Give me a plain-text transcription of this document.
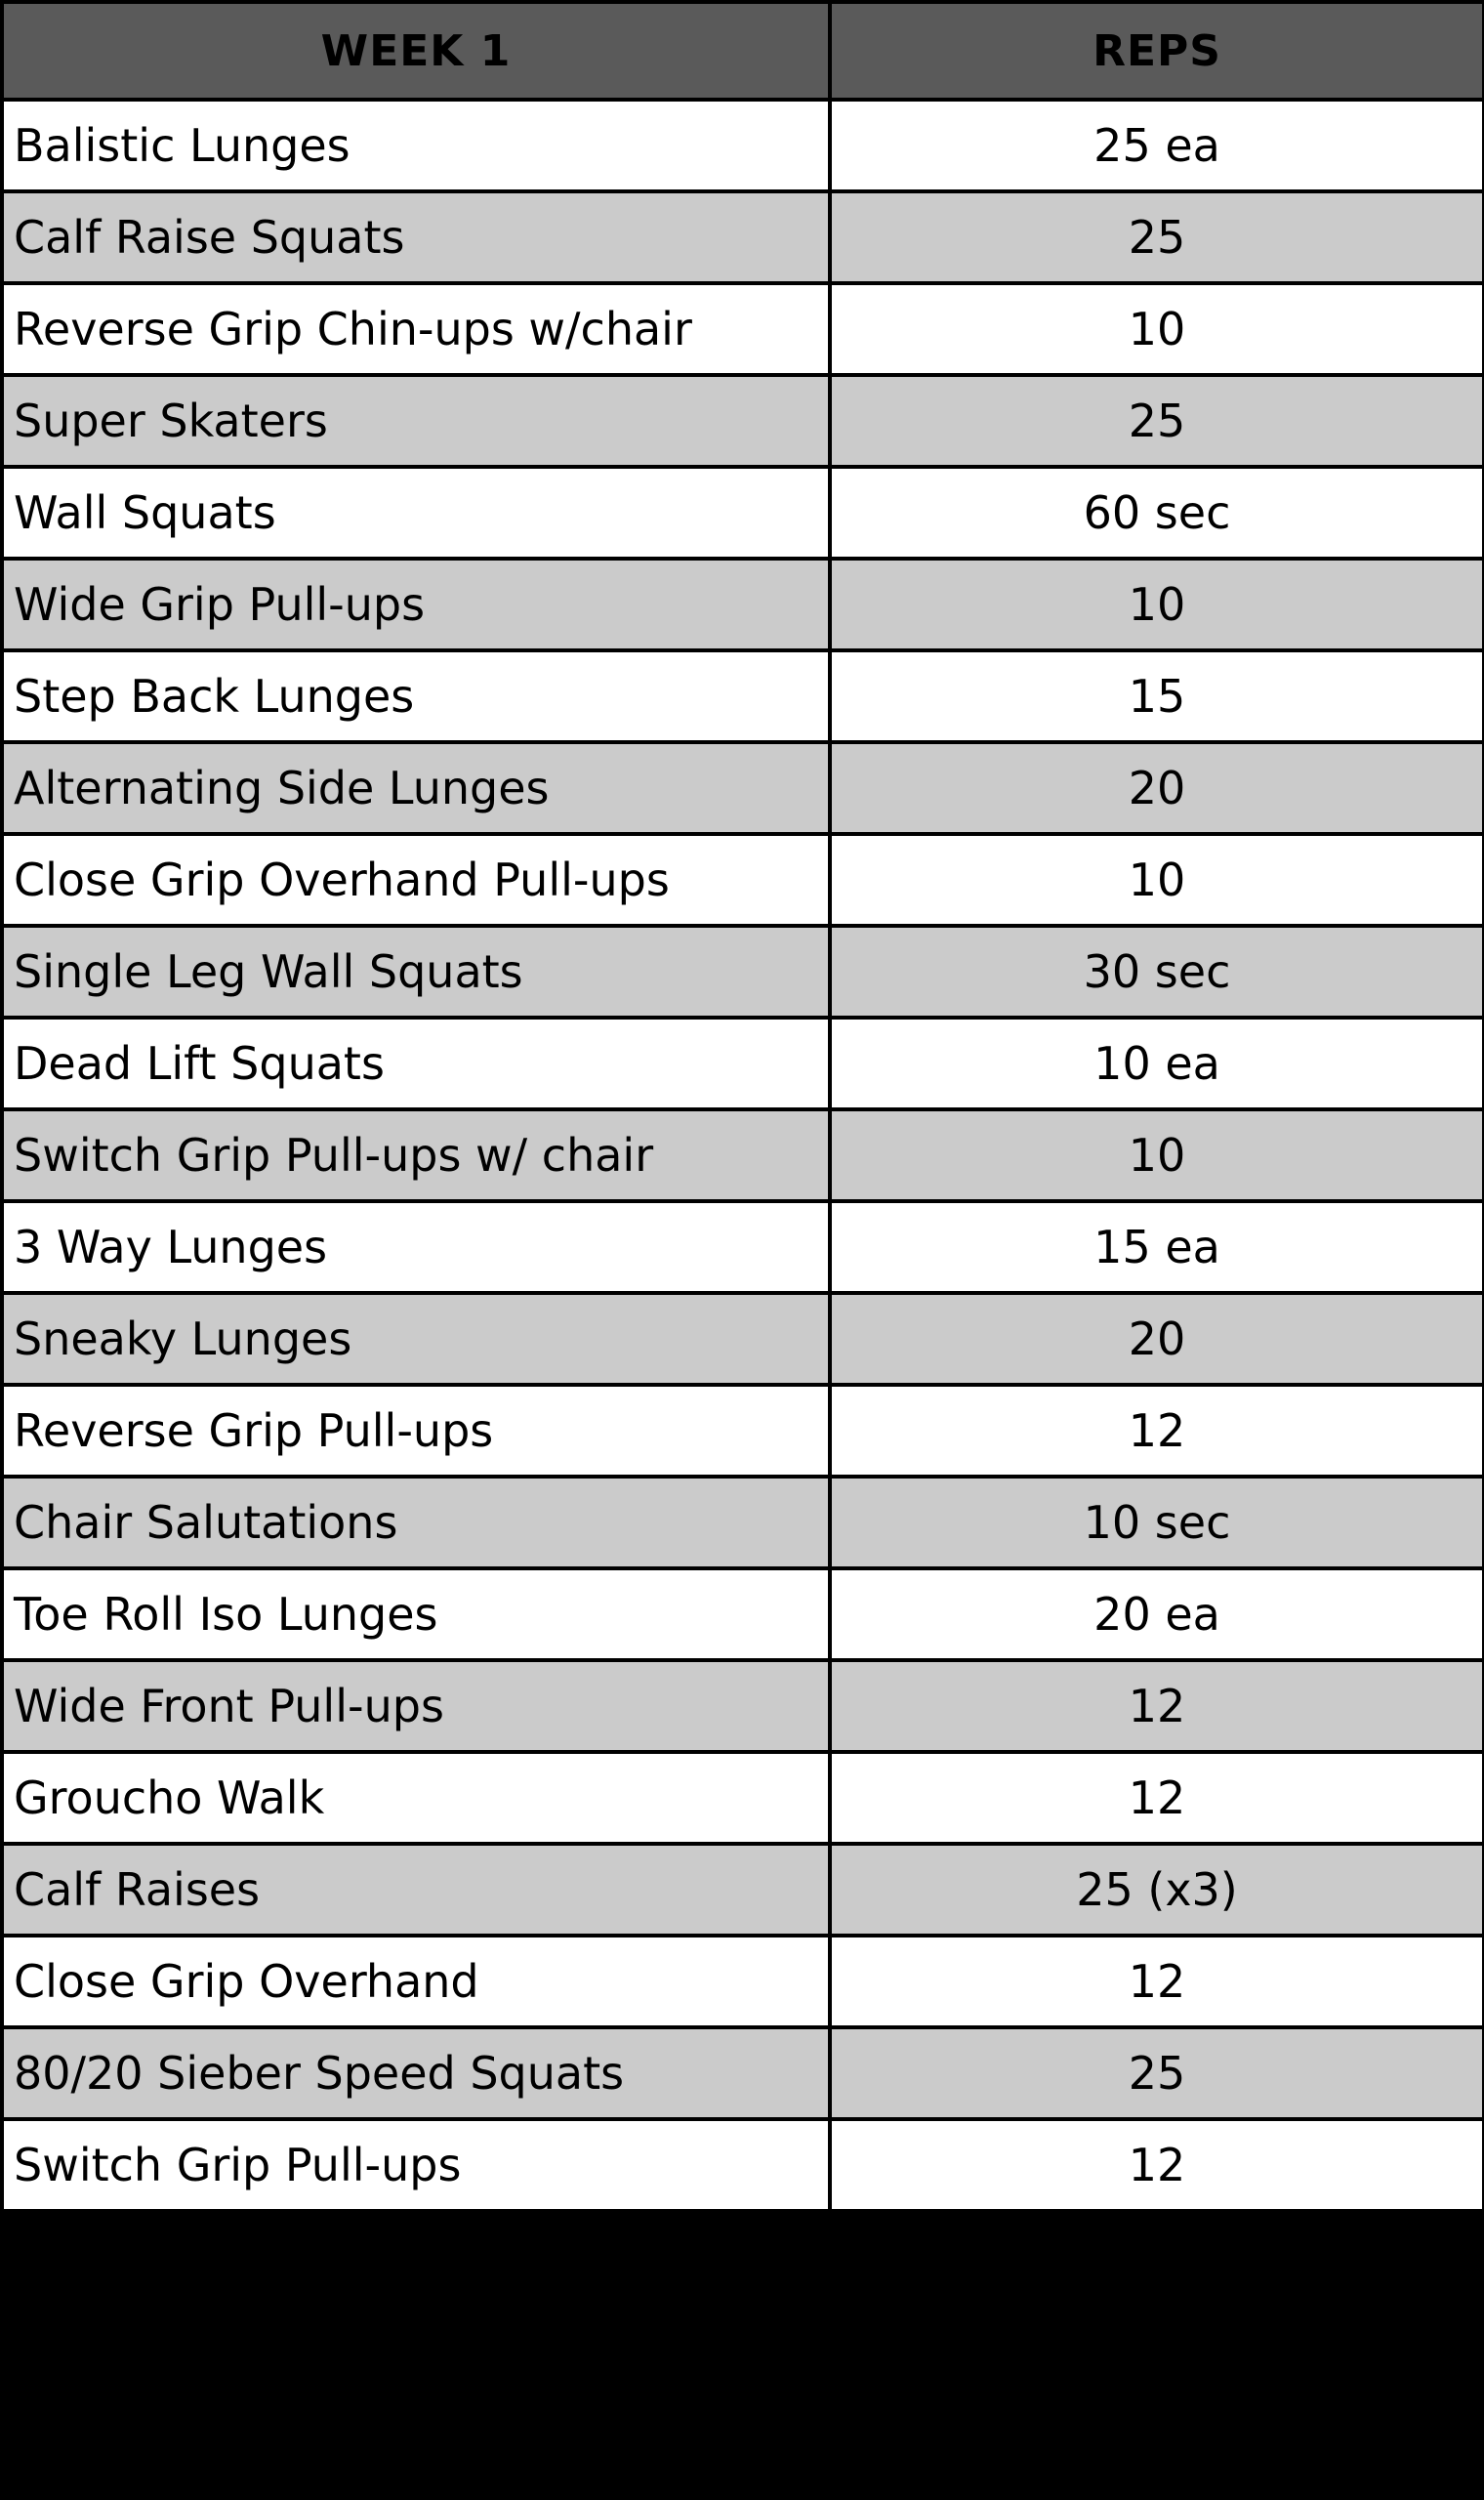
WEEK 1	REPS
Balistic Lunges	25 ea
Calf Raise Squats	25
Reverse Grip Chin-ups w/chair	10
Super Skaters	25
Wall Squats	60 sec
Wide Grip Pull-ups	10
Step Back Lunges	15
Alternating Side Lunges	20
Close Grip Overhand Pull-ups	10
Single Leg Wall Squats	30 sec
Dead Lift Squats	10 ea
Switch Grip Pull-ups w/ chair	10
3 Way Lunges	15 ea
Sneaky Lunges	20
Reverse Grip Pull-ups	12
Chair Salutations	10 sec
Toe Roll Iso Lunges	20 ea
Wide Front Pull-ups	12
Groucho Walk	12
Calf Raises	25 (x3)
Close Grip Overhand	12
80/20 Sieber Speed Squats	25
Switch Grip Pull-ups	12
